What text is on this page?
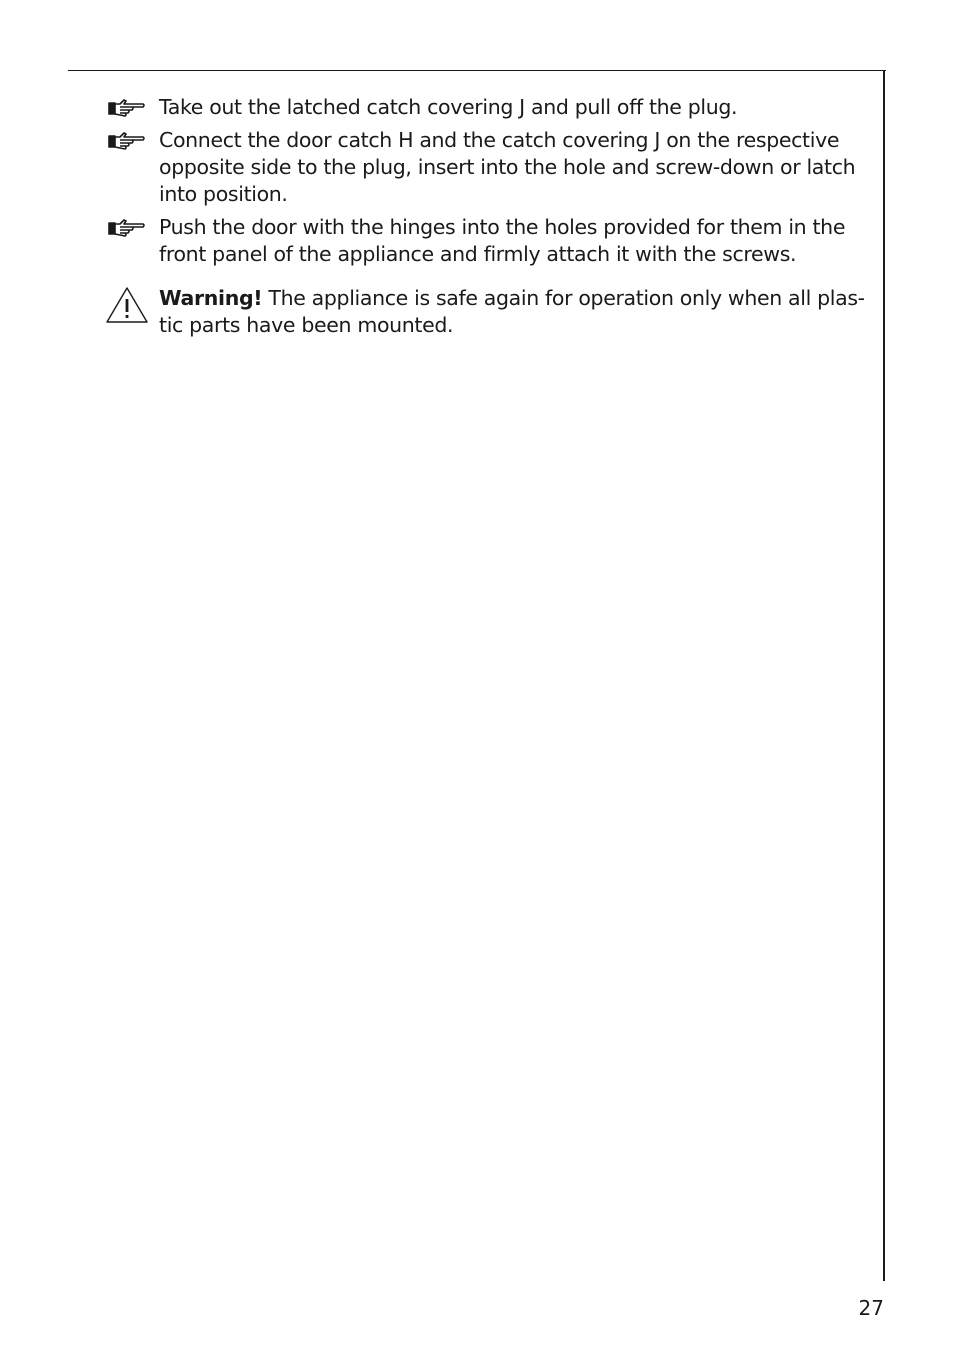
Take out the latched catch covering J and pull off the plug.
Connect the door catch H and the catch covering J on the respective opposite side to the plug, insert into the hole and screw-down or latch into position.
Push the door with the hinges into the holes provided for them in the front panel of the appliance and firmly attach it with the screws.
Warning! The appliance is safe again for operation only when all plas-tic parts have been mounted.
27
